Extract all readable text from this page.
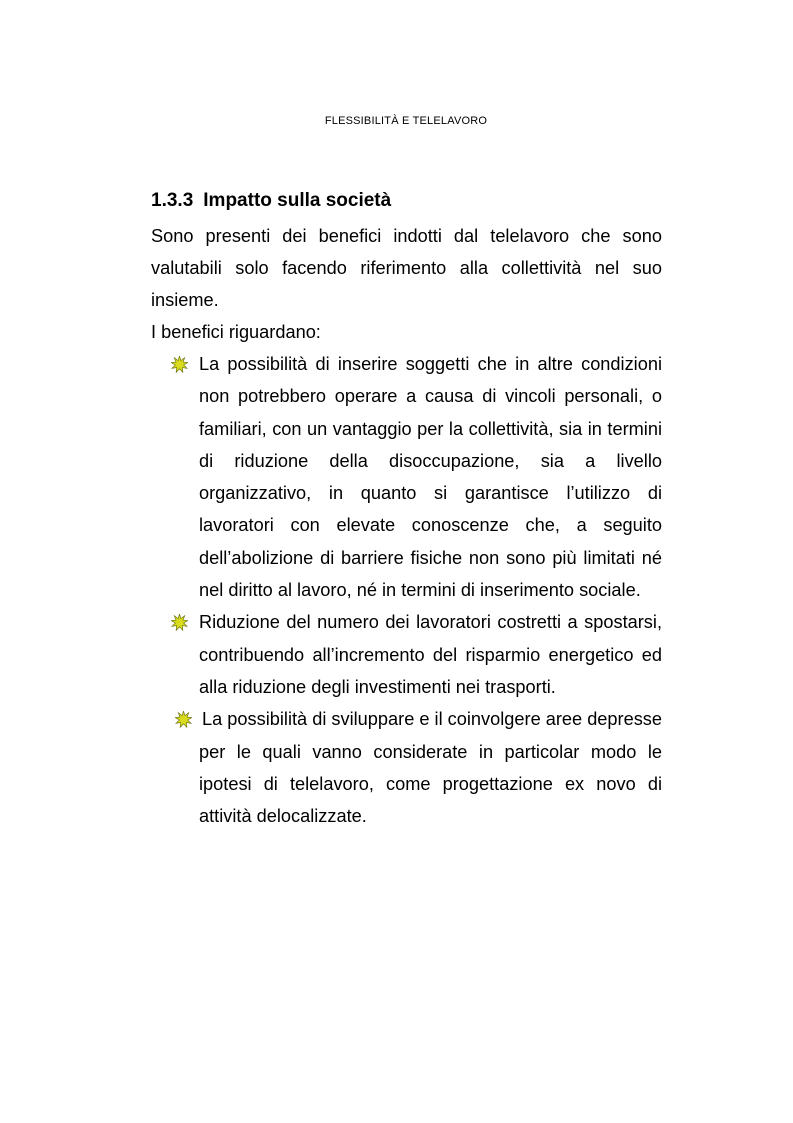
FLESSIBILITÀ E TELELAVORO
1.3.3 Impatto sulla società

Sono presenti dei benefici indotti dal telelavoro che sono valutabili solo facendo riferimento alla collettività nel suo insieme.

I benefici riguardano:

La possibilità di inserire soggetti che in altre condizioni non potrebbero operare a causa di vincoli personali, o familiari, con un vantaggio per la collettività, sia in termini di riduzione della disoccupazione, sia a livello organizzativo, in quanto si garantisce l’utilizzo di lavoratori con elevate conoscenze che, a seguito dell’abolizione di barriere fisiche non sono più limitati né nel diritto al lavoro, né in termini di inserimento sociale.
Riduzione del numero dei lavoratori costretti a spostarsi, contribuendo all’incremento del risparmio energetico ed alla riduzione degli investimenti nei trasporti.
La possibilità di sviluppare e il coinvolgere aree depresse per le quali vanno considerate in particolar modo le ipotesi di telelavoro, come progettazione ex novo di attività delocalizzate.
